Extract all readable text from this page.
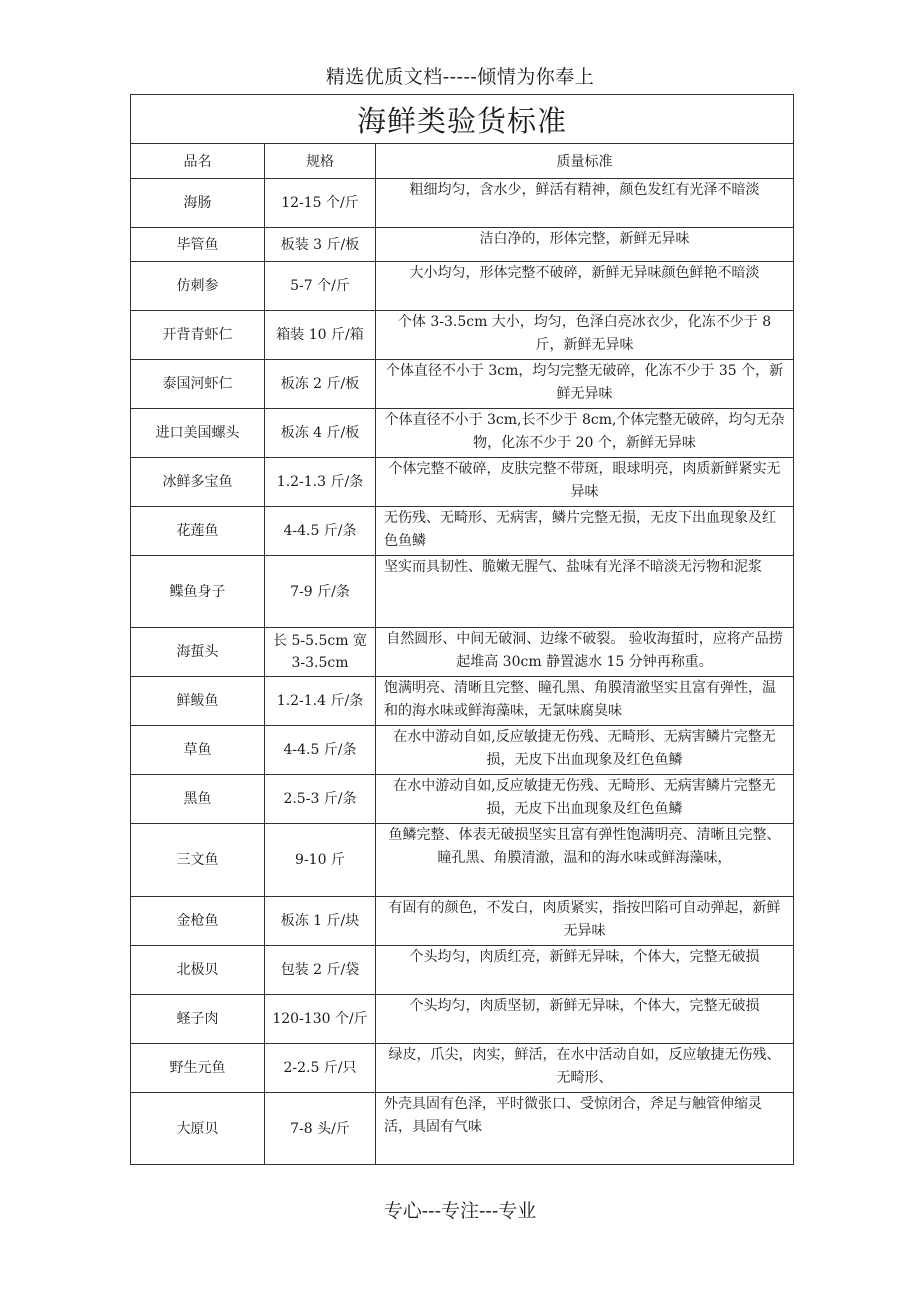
精选优质文档-----倾情为你奉上
海鲜类验货标准		
品名	规格	质量标准
海肠	12-15 个/斤	粗细均匀，含水少，鲜活有精神，颜色发红有光泽不暗淡
毕管鱼	板装 3 斤/板	洁白净的，形体完整，新鲜无异味
仿刺参	5-7 个/斤	大小均匀，形体完整不破碎，新鲜无异味颜色鲜艳不暗淡
开背青虾仁	箱装 10 斤/箱	个体 3-3.5cm 大小，均匀，色泽白亮冰衣少，化冻不少于 8 斤，新鲜无异味
泰国河虾仁	板冻 2 斤/板	个体直径不小于 3cm，均匀完整无破碎，化冻不少于 35 个，新鲜无异味
进口美国螺头	板冻 4 斤/板	个体直径不小于 3cm,长不少于 8cm,个体完整无破碎，均匀无杂物，化冻不少于 20 个，新鲜无异味
冰鲜多宝鱼	1.2-1.3 斤/条	个体完整不破碎，皮肤完整不带斑，眼球明亮，肉质新鲜紧实无异味
花莲鱼	4-4.5 斤/条	无伤残、无畸形、无病害，鳞片完整无损，无皮下出血现象及红色鱼鳞
鲽鱼身子	7-9 斤/条	坚实而具韧性、脆嫩无腥气、盐味有光泽不暗淡无污物和泥浆
海蜇头	长 5-5.5cm 宽 3-3.5cm	自然圆形、中间无破洞、边缘不破裂。 验收海蜇时，应将产品捞起堆高 30cm 静置滤水 15 分钟再称重。
鲜鲅鱼	1.2-1.4 斤/条	饱满明亮、清晰且完整、瞳孔黑、角膜清澈坚实且富有弹性，温和的海水味或鲜海藻味，无氯味腐臭味
草鱼	4-4.5 斤/条	在水中游动自如,反应敏捷无伤残、无畸形、无病害鳞片完整无损，无皮下出血现象及红色鱼鳞
黑鱼	2.5-3 斤/条	在水中游动自如,反应敏捷无伤残、无畸形、无病害鳞片完整无损，无皮下出血现象及红色鱼鳞
三文鱼	9-10 斤	鱼鳞完整、体表无破损坚实且富有弹性饱满明亮、清晰且完整、瞳孔黑、角膜清澈，温和的海水味或鲜海藻味，
金枪鱼	板冻 1 斤/块	有固有的颜色，不发白，肉质紧实，指按凹陷可自动弹起，新鲜无异味
北极贝	包装 2 斤/袋	个头均匀，肉质红亮，新鲜无异味，个体大，完整无破损
蛏子肉	120-130 个/斤	个头均匀，肉质坚韧，新鲜无异味，个体大，完整无破损
野生元鱼	2-2.5 斤/只	绿皮，爪尖，肉实，鲜活，在水中活动自如，反应敏捷无伤残、无畸形、
大原贝	7-8 头/斤	外壳具固有色泽，平时微张口、受惊闭合，斧足与触管伸缩灵活，具固有气味
专心---专注---专业
